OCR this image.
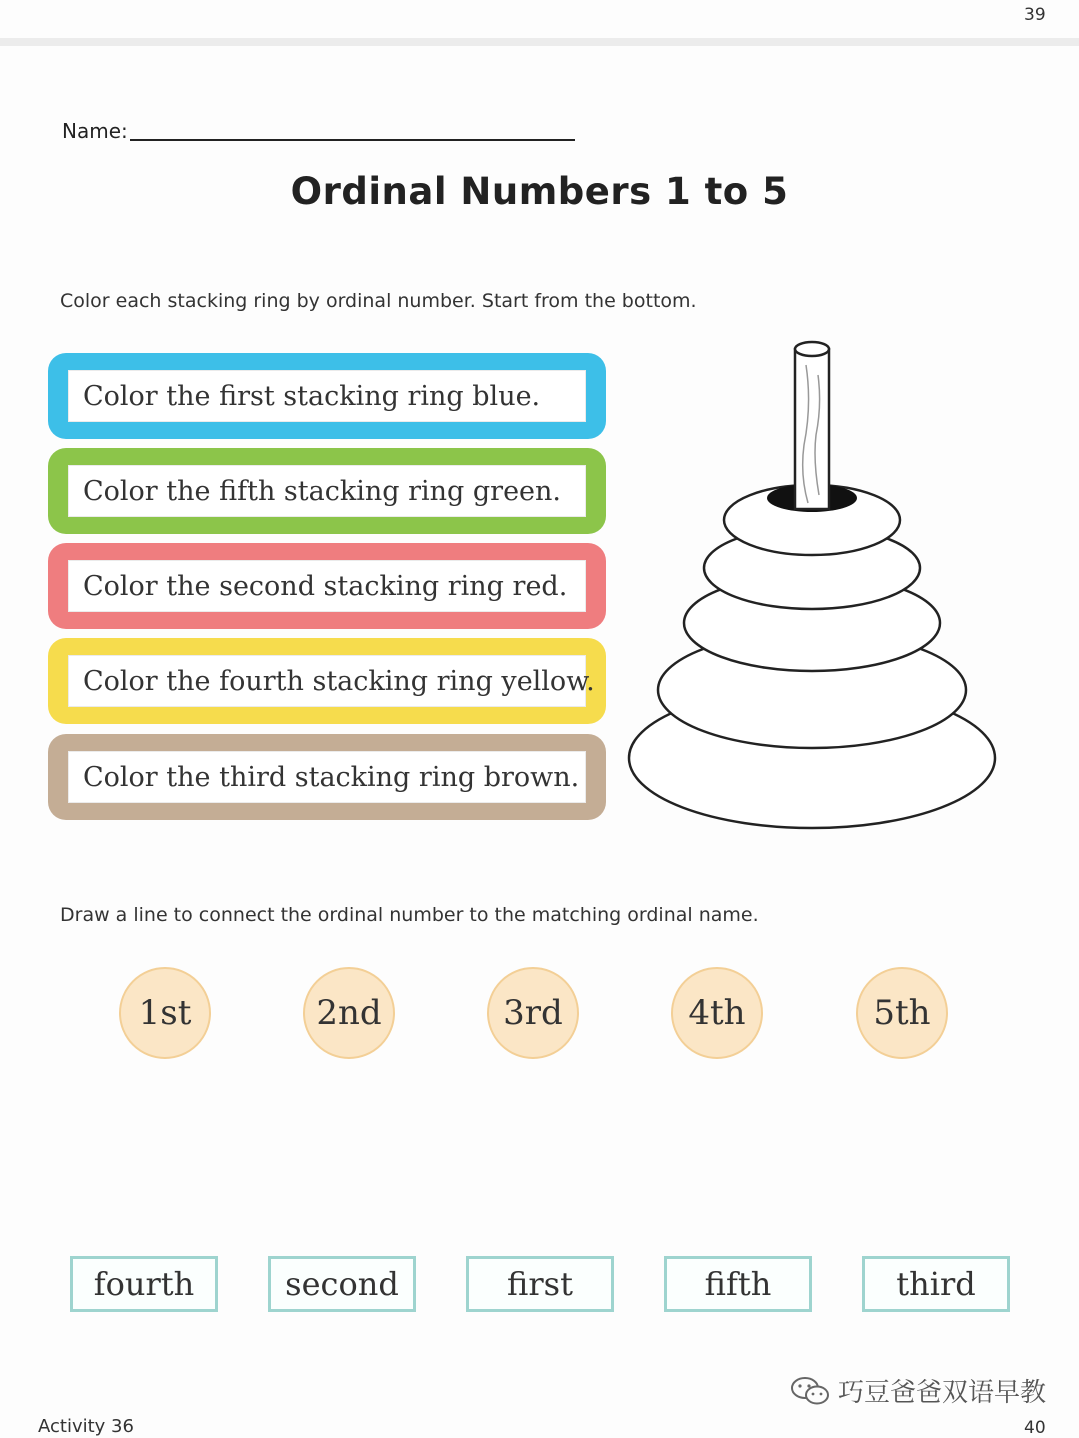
39
Name:
Ordinal Numbers 1 to 5
Color each stacking ring by ordinal number. Start from the bottom.
Color the first stacking ring blue.
Color the fifth stacking ring green.
Color the second stacking ring red.
Color the fourth stacking ring yellow.
Color the third stacking ring brown.
Draw a line to connect the ordinal number to the matching ordinal name.
1st	2nd	3rd	4th	5th
fourth	second	first	fifth	third
巧豆爸爸双语早教
Activity 36	40
